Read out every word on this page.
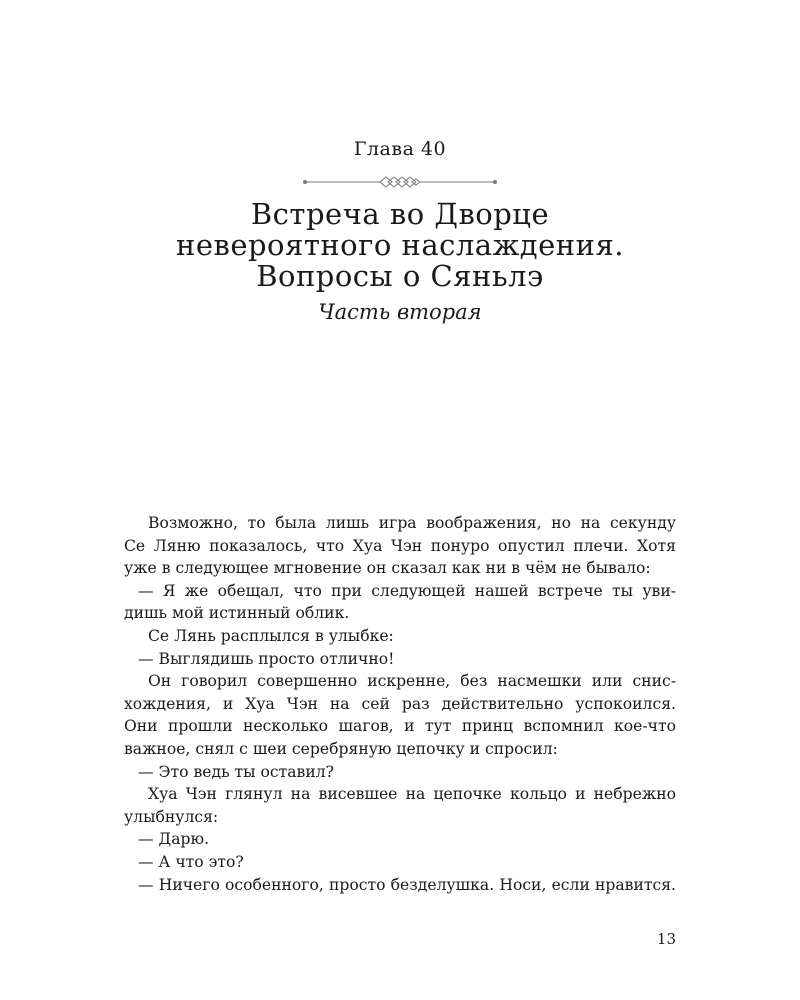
Глава 40
Встреча во Дворце
невероятного наслаждения.
Вопросы о Сяньлэ
Часть вторая
Возможно, то была лишь игра воображения, но на секунду
Се Ляню показалось, что Хуа Чэн понуро опустил плечи. Хотя
уже в следующее мгновение он сказал как ни в чём не бывало:
— Я же обещал, что при следующей нашей встрече ты уви-
дишь мой истинный облик.
Се Лянь расплылся в улыбке:
— Выглядишь просто отлично!
Он говорил совершенно искренне, без насмешки или снис-
хождения, и Хуа Чэн на сей раз действительно успокоился.
Они прошли несколько шагов, и тут принц вспомнил кое-что
важное, снял с шеи серебряную цепочку и спросил:
— Это ведь ты оставил?
Хуа Чэн глянул на висевшее на цепочке кольцо и небрежно
улыбнулся:
— Дарю.
— А что это?
— Ничего особенного, просто безделушка. Носи, если нравится.
13
